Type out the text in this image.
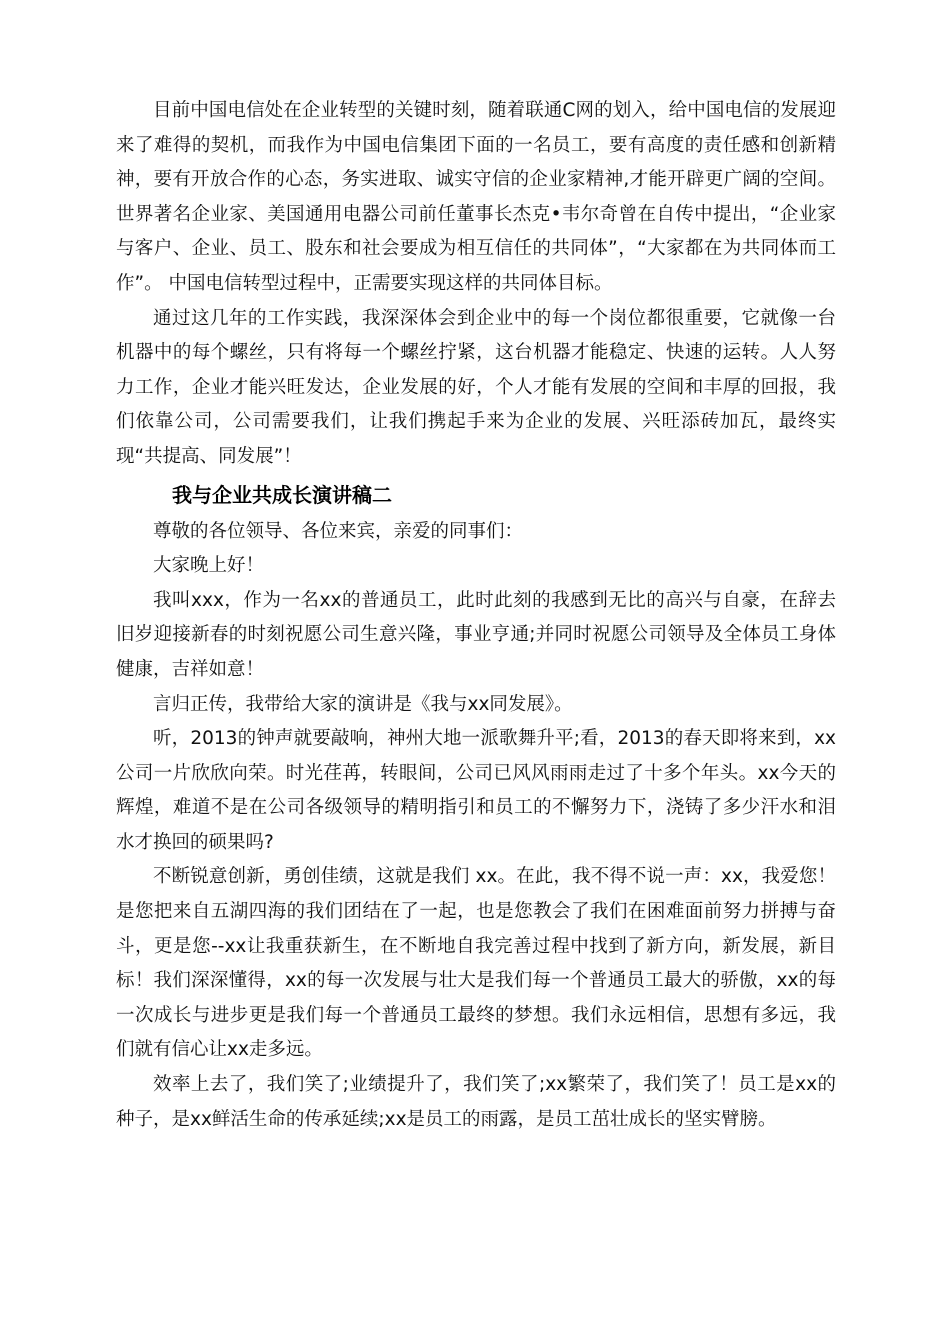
目前中国电信处在企业转型的关键时刻，随着联通C网的划入，给中国电信的发展迎来了难得的契机，而我作为中国电信集团下面的一名员工，要有高度的责任感和创新精神，要有开放合作的心态，务实进取、诚实守信的企业家精神,才能开辟更广阔的空间。世界著名企业家、美国通用电器公司前任董事长杰克•韦尔奇曾在自传中提出，“企业家与客户、企业、员工、股东和社会要成为相互信任的共同体”，“大家都在为共同体而工作”。 中国电信转型过程中，正需要实现这样的共同体目标。

通过这几年的工作实践，我深深体会到企业中的每一个岗位都很重要，它就像一台机器中的每个螺丝，只有将每一个螺丝拧紧，这台机器才能稳定、快速的运转。人人努力工作，企业才能兴旺发达，企业发展的好，个人才能有发展的空间和丰厚的回报，我们依靠公司，公司需要我们，让我们携起手来为企业的发展、兴旺添砖加瓦，最终实现“共提高、同发展”！

我与企业共成长演讲稿二

尊敬的各位领导、各位来宾，亲爱的同事们：

大家晚上好！

我叫xxx，作为一名xx的普通员工，此时此刻的我感到无比的高兴与自豪，在辞去旧岁迎接新春的时刻祝愿公司生意兴隆，事业亨通;并同时祝愿公司领导及全体员工身体健康，吉祥如意！

言归正传，我带给大家的演讲是《我与xx同发展》。

听，2013的钟声就要敲响，神州大地一派歌舞升平;看，2013的春天即将来到，xx公司一片欣欣向荣。时光荏苒，转眼间，公司已风风雨雨走过了十多个年头。xx今天的辉煌，难道不是在公司各级领导的精明指引和员工的不懈努力下，浇铸了多少汗水和泪水才换回的硕果吗?

不断锐意创新，勇创佳绩，这就是我们 xx。在此，我不得不说一声：xx，我爱您！是您把来自五湖四海的我们团结在了一起，也是您教会了我们在困难面前努力拼搏与奋斗，更是您--xx让我重获新生，在不断地自我完善过程中找到了新方向，新发展，新目标！我们深深懂得，xx的每一次发展与壮大是我们每一个普通员工最大的骄傲，xx的每一次成长与进步更是我们每一个普通员工最终的梦想。我们永远相信，思想有多远，我们就有信心让xx走多远。

效率上去了，我们笑了;业绩提升了，我们笑了;xx繁荣了，我们笑了！员工是xx的种子，是xx鲜活生命的传承延续;xx是员工的雨露，是员工茁壮成长的坚实臂膀。
